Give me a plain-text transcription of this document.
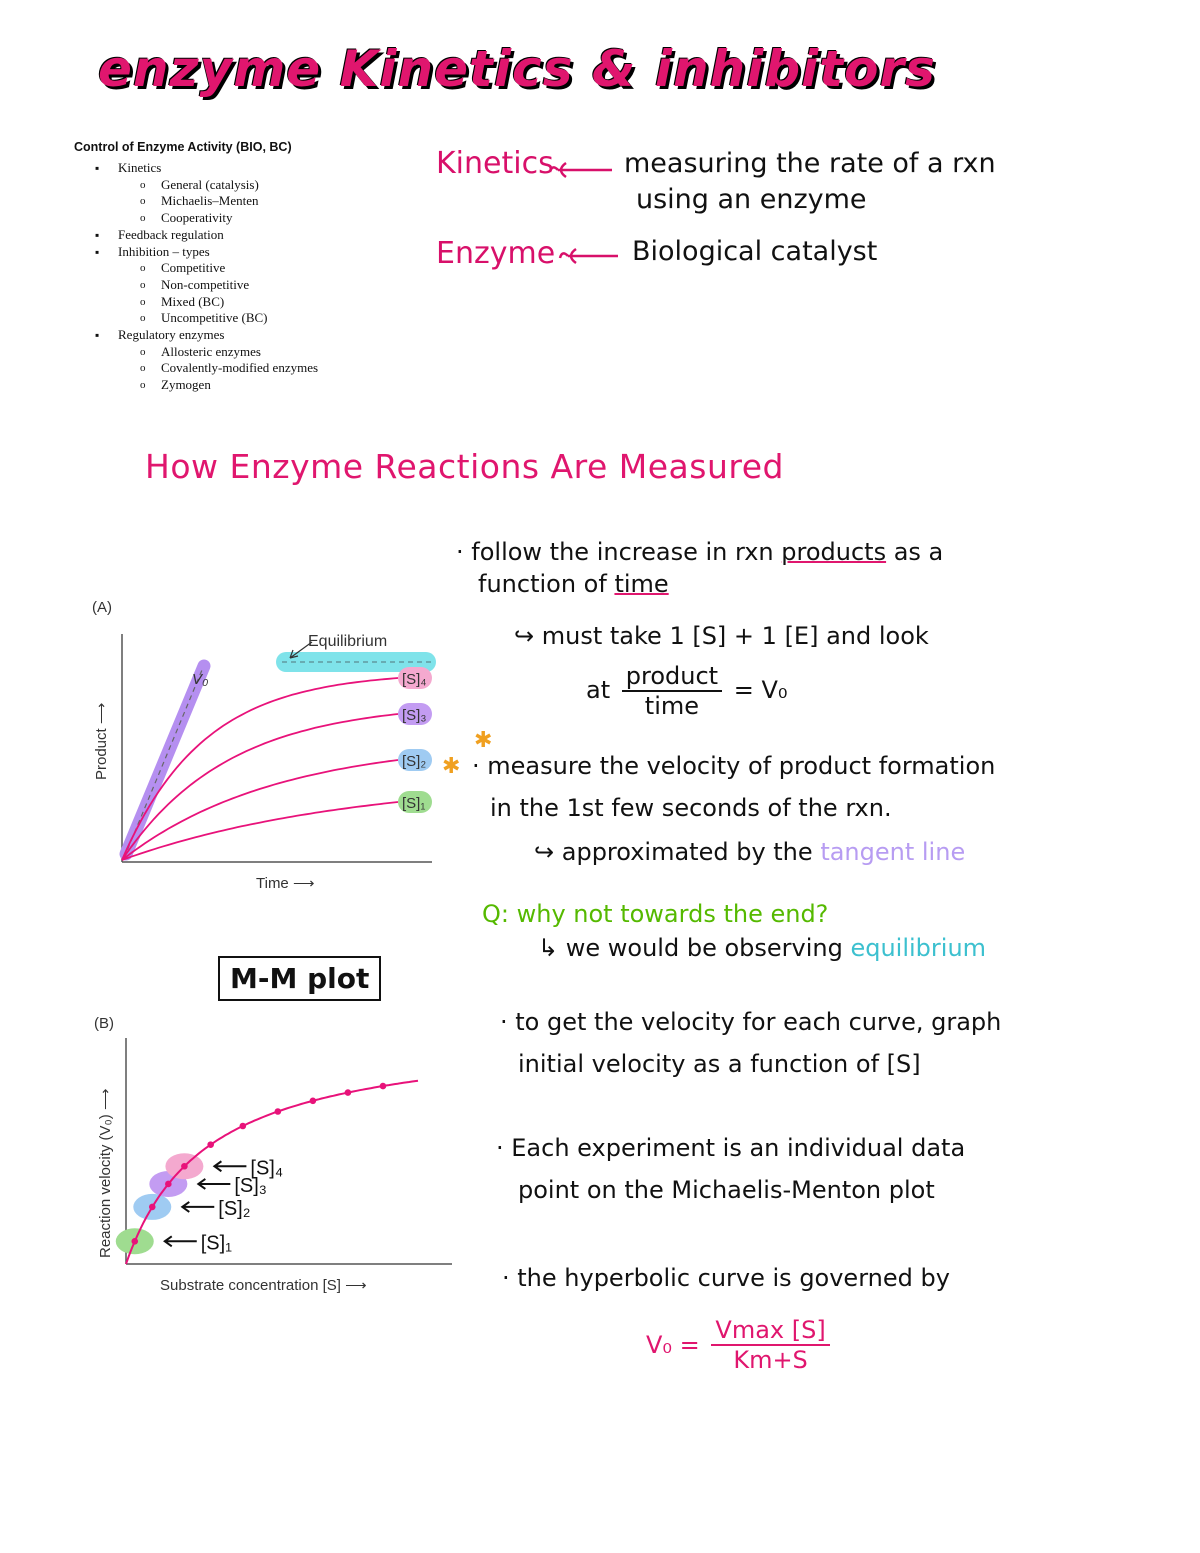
enzyme Kinetics & inhibitors
Control of Enzyme Activity (BIO, BC)
▪ Kinetics
o General (catalysis)
o Michaelis–Menten
o Cooperativity
▪ Feedback regulation
▪ Inhibition – types
o Competitive
o Non-competitive
o Mixed (BC)
o Uncompetitive (BC)
▪ Regulatory enzymes
o Allosteric enzymes
o Covalently-modified enzymes
o Zymogen
Kinetics	measuring the rate of a rxn
using an enzyme
Enzyme	Biological catalyst
How Enzyme Reactions Are Measured
(A)
Product ⟶
Time ⟶
Equilibrium
V₀
[S]₁
[S]₂
[S]₃
[S]₄
M-M plot
(B)
Reaction velocity (V₀) ⟶
Substrate concentration [S] ⟶
[S]₁
[S]₂
[S]₃
[S]₄
· follow the increase in rxn products as a
function of time
↪ must take 1 [S] + 1 [E] and look
at $\frac{\text{product}}{\text{time}} = V_0$
✱
✱ · measure the velocity of product formation
in the 1st few seconds of the rxn.
↪ approximated by the tangent line
Q: why not towards the end?
↳ we would be observing equilibrium
· to get the velocity for each curve, graph
initial velocity as a function of [S]
· Each experiment is an individual data
point on the Michaelis-Menton plot
· the hyperbolic curve is governed by
$V_0 = \frac{Vmax [S]}{Km+S}$
